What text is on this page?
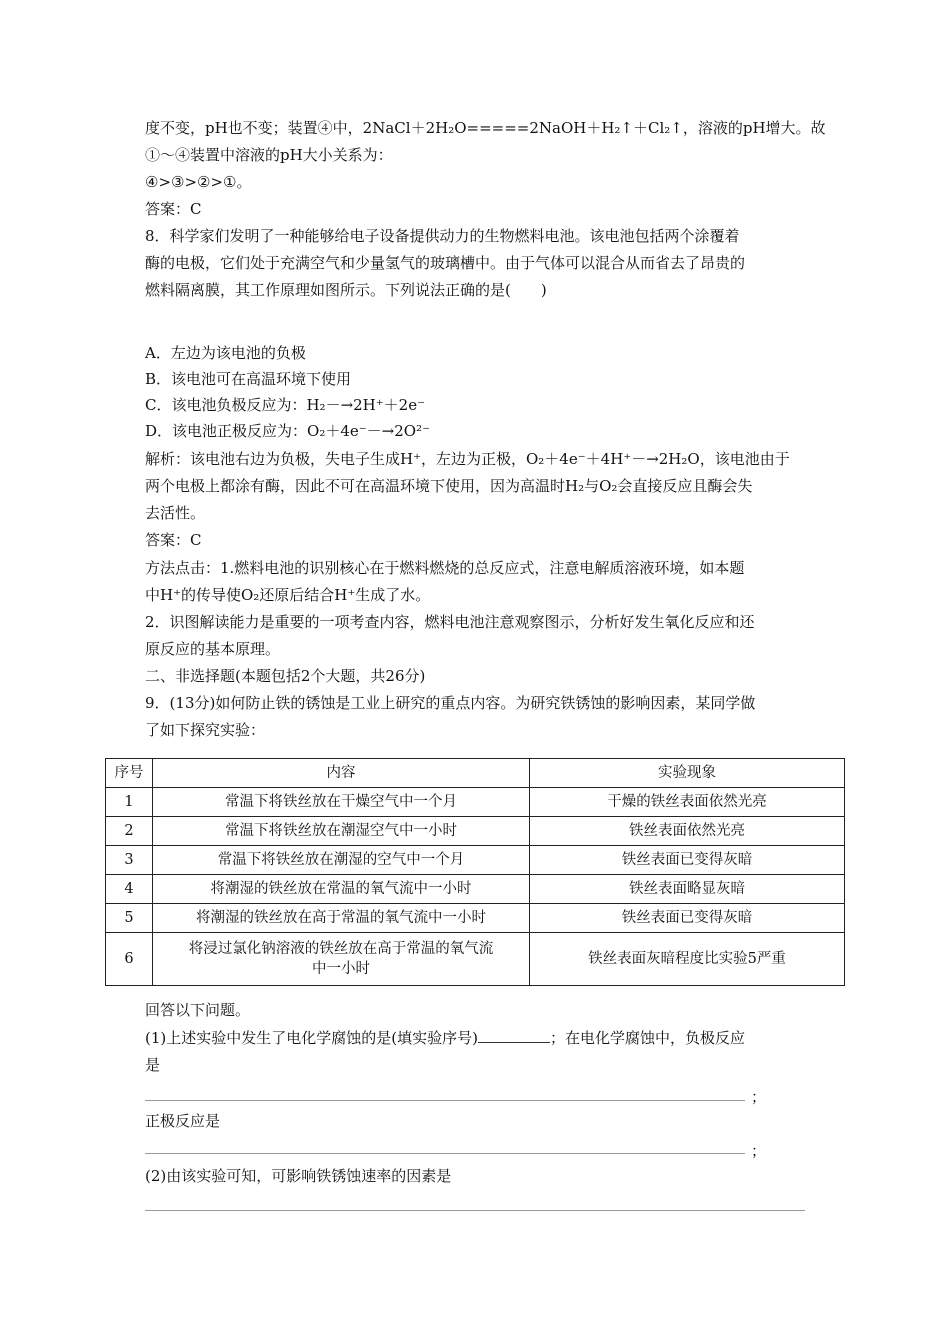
度不变，pH也不变；装置④中，2NaCl＋2H₂O=====2NaOH＋H₂↑＋Cl₂↑，溶液的pH增大。故
①～④装置中溶液的pH大小关系为：
④>③>②>①。
答案：C
8．科学家们发明了一种能够给电子设备提供动力的生物燃料电池。该电池包括两个涂覆着
酶的电极，它们处于充满空气和少量氢气的玻璃槽中。由于气体可以混合从而省去了昂贵的
燃料隔离膜，其工作原理如图所示。下列说法正确的是(　　)
A．左边为该电池的负极
B．该电池可在高温环境下使用
C．该电池负极反应为：H₂－→2H⁺＋2e⁻
D．该电池正极反应为：O₂＋4e⁻－→2O²⁻
解析：该电池右边为负极，失电子生成H⁺，左边为正极，O₂＋4e⁻＋4H⁺－→2H₂O，该电池由于
两个电极上都涂有酶，因此不可在高温环境下使用，因为高温时H₂与O₂会直接反应且酶会失
去活性。
答案：C
方法点击：1.燃料电池的识别核心在于燃料燃烧的总反应式，注意电解质溶液环境，如本题
中H⁺的传导使O₂还原后结合H⁺生成了水。
2．识图解读能力是重要的一项考查内容，燃料电池注意观察图示，分析好发生氧化反应和还
原反应的基本原理。
二、非选择题(本题包括2个大题，共26分)
9．(13分)如何防止铁的锈蚀是工业上研究的重点内容。为研究铁锈蚀的影响因素，某同学做
了如下探究实验：
序号	内容	实验现象
1	常温下将铁丝放在干燥空气中一个月	干燥的铁丝表面依然光亮
2	常温下将铁丝放在潮湿空气中一小时	铁丝表面依然光亮
3	常温下将铁丝放在潮湿的空气中一个月	铁丝表面已变得灰暗
4	将潮湿的铁丝放在常温的氧气流中一小时	铁丝表面略显灰暗
5	将潮湿的铁丝放在高于常温的氧气流中一小时	铁丝表面已变得灰暗
6	将浸过氯化钠溶液的铁丝放在高于常温的氧气流
中一小时	铁丝表面灰暗程度比实验5严重
回答以下问题。
(1)上述实验中发生了电化学腐蚀的是(填实验序号)	；在电化学腐蚀中，负极反应
是
；
正极反应是
；
(2)由该实验可知，可影响铁锈蚀速率的因素是
